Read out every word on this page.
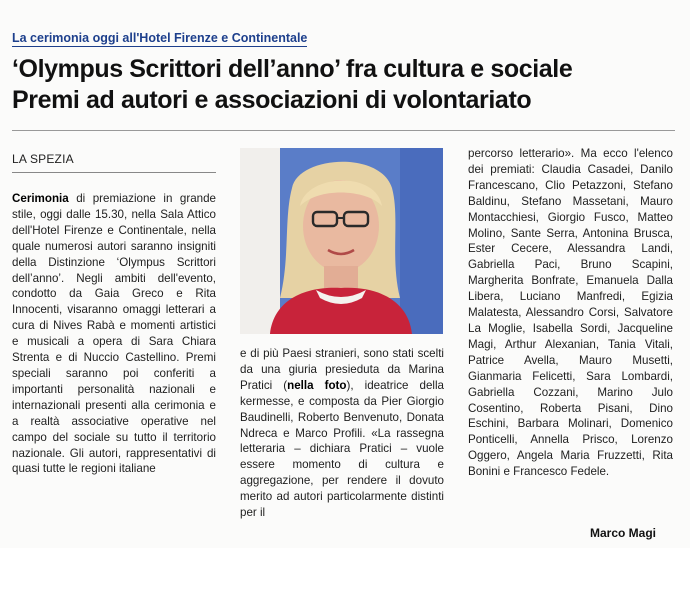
La cerimonia oggi all'Hotel Firenze e Continentale
‘Olympus Scrittori dell’anno’ fra cultura e sociale
Premi ad autori e associazioni di volontariato
LA SPEZIA
Cerimonia di premiazione in grande stile, oggi dalle 15.30, nella Sala Attico dell'Hotel Firenze e Continentale, nella quale numerosi autori saranno insigniti della Distinzione ‘Olympus Scrittori dell’anno’. Negli ambiti dell'evento, condotto da Gaia Greco e Rita Innocenti, visaranno omaggi letterari a cura di Nives Rabà e momenti artistici e musicali a opera di Sara Chiara Strenta e di Nuccio Castellino. Premi speciali saranno poi conferiti a importanti personalità nazionali e internazionali presenti alla cerimonia e a realtà associative operative nel campo del sociale su tutto il territorio nazionale. Gli autori, rappresentativi di quasi tutte le regioni italiane
e di più Paesi stranieri, sono stati scelti da una giuria presieduta da Marina Pratici (nella foto), ideatrice della kermesse, e composta da Pier Giorgio Baudinelli, Roberto Benvenuto, Donata Ndreca e Marco Profili. «La rassegna letteraria – dichiara Pratici – vuole essere momento di cultura e aggregazione, per rendere il dovuto merito ad autori particolarmente distinti per il
percorso letterario». Ma ecco l'elenco dei premiati: Claudia Casadei, Danilo Francescano, Clio Petazzoni, Stefano Baldinu, Stefano Massetani, Mauro Montacchiesi, Giorgio Fusco, Matteo Molino, Sante Serra, Antonina Brusca, Ester Cecere, Alessandra Landi, Gabriella Paci, Bruno Scapini, Margherita Bonfrate, Emanuela Dalla Libera, Luciano Manfredi, Egizia Malatesta, Alessandro Corsi, Salvatore La Moglie, Isabella Sordi, Jacqueline Magi, Arthur Alexanian, Tania Vitali, Patrice Avella, Mauro Musetti, Gianmaria Felicetti, Sara Lombardi, Gabriella Cozzani, Marino Julo Cosentino, Roberta Pisani, Dino Eschini, Barbara Molinari, Domenico Ponticelli, Annella Prisco, Lorenzo Oggero, Angela Maria Fruzzetti, Rita Bonini e Francesco Fedele.
Marco Magi
